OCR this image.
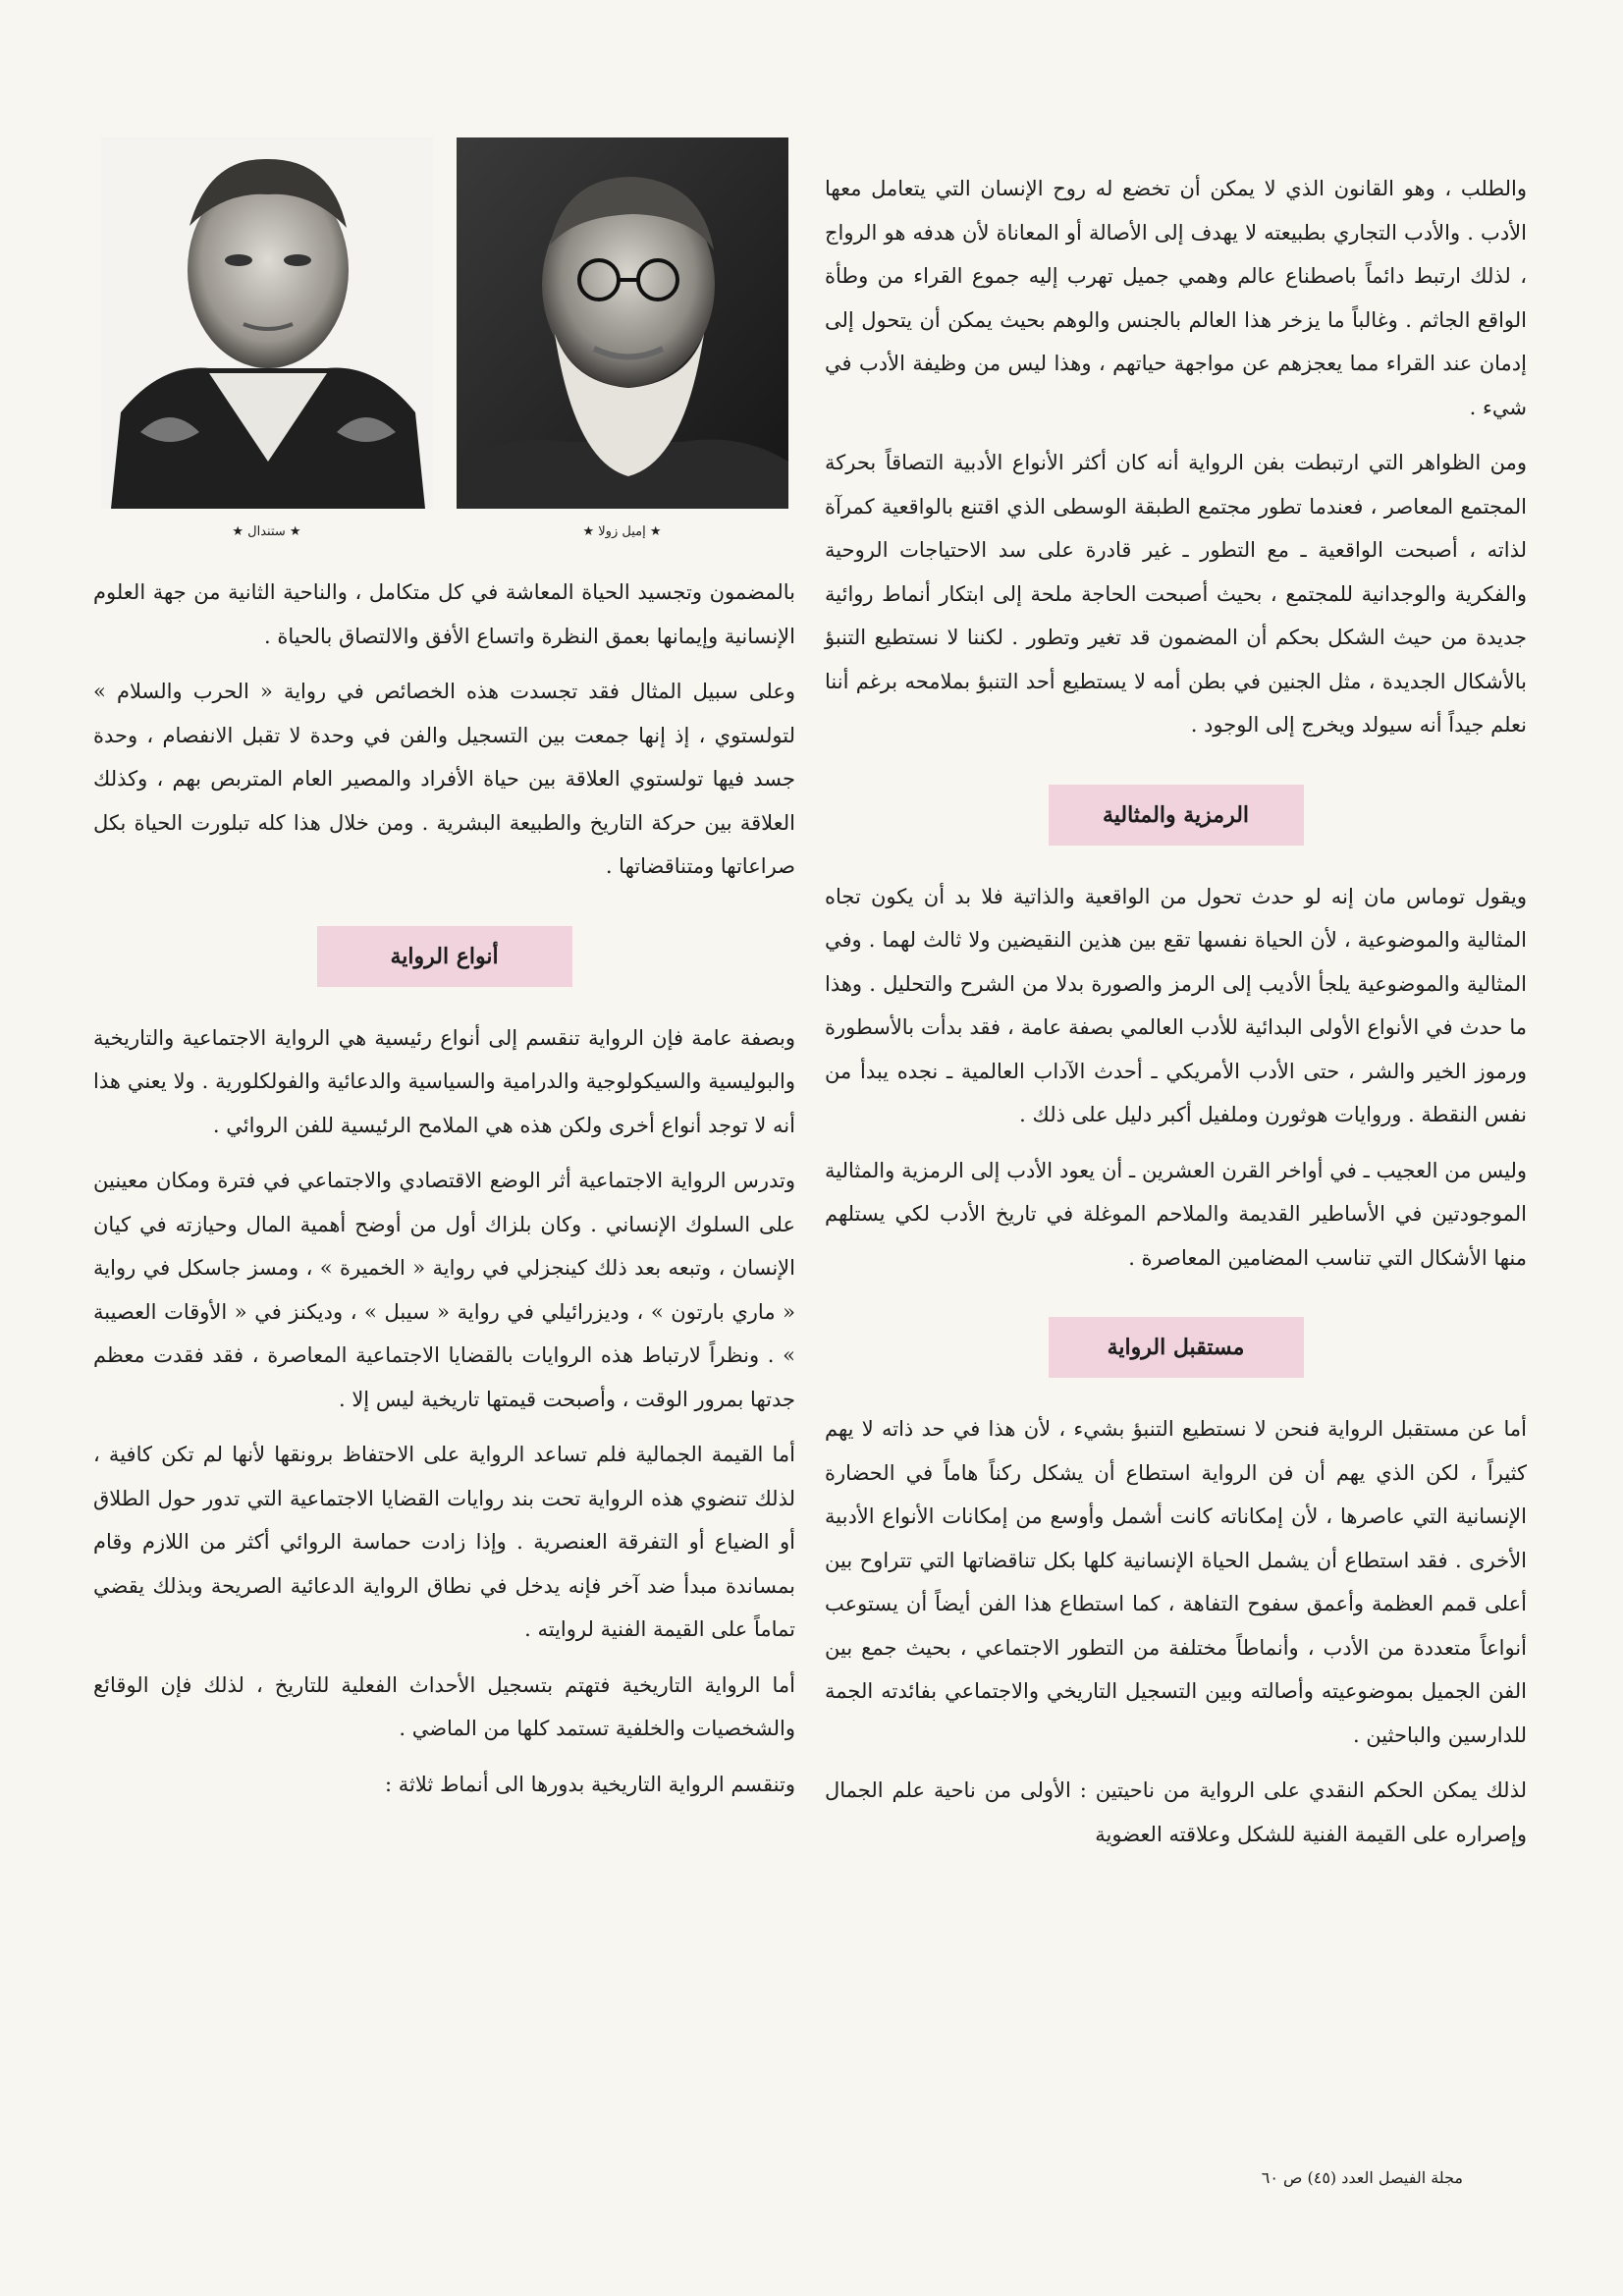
والطلب ، وهو القانون الذي لا يمكن أن تخضع له روح الإنسان التي يتعامل معها الأدب . والأدب التجاري بطبيعته لا يهدف إلى الأصالة أو المعاناة لأن هدفه هو الرواج ، لذلك ارتبط دائماً باصطناع عالم وهمي جميل تهرب إليه جموع القراء من وطأة الواقع الجاثم . وغالباً ما يزخر هذا العالم بالجنس والوهم بحيث يمكن أن يتحول إلى إدمان عند القراء مما يعجزهم عن مواجهة حياتهم ، وهذا ليس من وظيفة الأدب في شيء .

ومن الظواهر التي ارتبطت بفن الرواية أنه كان أكثر الأنواع الأدبية التصاقاً بحركة المجتمع المعاصر ، فعندما تطور مجتمع الطبقة الوسطى الذي اقتنع بالواقعية كمرآة لذاته ، أصبحت الواقعية ـ مع التطور ـ غير قادرة على سد الاحتياجات الروحية والفكرية والوجدانية للمجتمع ، بحيث أصبحت الحاجة ملحة إلى ابتكار أنماط روائية جديدة من حيث الشكل بحكم أن المضمون قد تغير وتطور . لكننا لا نستطيع التنبؤ بالأشكال الجديدة ، مثل الجنين في بطن أمه لا يستطيع أحد التنبؤ بملامحه برغم أننا نعلم جيداً أنه سيولد ويخرج إلى الوجود .

الرمزية والمثالية

ويقول توماس مان إنه لو حدث تحول من الواقعية والذاتية فلا بد أن يكون تجاه المثالية والموضوعية ، لأن الحياة نفسها تقع بين هذين النقيضين ولا ثالث لهما . وفي المثالية والموضوعية يلجأ الأديب إلى الرمز والصورة بدلا من الشرح والتحليل . وهذا ما حدث في الأنواع الأولى البدائية للأدب العالمي بصفة عامة ، فقد بدأت بالأسطورة ورموز الخير والشر ، حتى الأدب الأمريكي ـ أحدث الآداب العالمية ـ نجده يبدأ من نفس النقطة . وروايات هوثورن وملفيل أكبر دليل على ذلك .

وليس من العجيب ـ في أواخر القرن العشرين ـ أن يعود الأدب إلى الرمزية والمثالية الموجودتين في الأساطير القديمة والملاحم الموغلة في تاريخ الأدب لكي يستلهم منها الأشكال التي تناسب المضامين المعاصرة .

مستقبل الرواية

أما عن مستقبل الرواية فنحن لا نستطيع التنبؤ بشيء ، لأن هذا في حد ذاته لا يهم كثيراً ، لكن الذي يهم أن فن الرواية استطاع أن يشكل ركناً هاماً في الحضارة الإنسانية التي عاصرها ، لأن إمكاناته كانت أشمل وأوسع من إمكانات الأنواع الأدبية الأخرى . فقد استطاع أن يشمل الحياة الإنسانية كلها بكل تناقضاتها التي تتراوح بين أعلى قمم العظمة وأعمق سفوح التفاهة ، كما استطاع هذا الفن أيضاً أن يستوعب أنواعاً متعددة من الأدب ، وأنماطاً مختلفة من التطور الاجتماعي ، بحيث جمع بين الفن الجميل بموضوعيته وأصالته وبين التسجيل التاريخي والاجتماعي بفائدته الجمة للدارسين والباحثين .

لذلك يمكن الحكم النقدي على الرواية من ناحيتين : الأولى من ناحية علم الجمال وإصراره على القيمة الفنية للشكل وعلاقته العضوية

★ إميل زولا ★
★ ستندال ★

بالمضمون وتجسيد الحياة المعاشة في كل متكامل ، والناحية الثانية من جهة العلوم الإنسانية وإيمانها بعمق النظرة واتساع الأفق والالتصاق بالحياة .

وعلى سبيل المثال فقد تجسدت هذه الخصائص في رواية « الحرب والسلام » لتولستوي ، إذ إنها جمعت بين التسجيل والفن في وحدة لا تقبل الانفصام ، وحدة جسد فيها تولستوي العلاقة بين حياة الأفراد والمصير العام المتربص بهم ، وكذلك العلاقة بين حركة التاريخ والطبيعة البشرية . ومن خلال هذا كله تبلورت الحياة بكل صراعاتها ومتناقضاتها .

أنواع الرواية

وبصفة عامة فإن الرواية تنقسم إلى أنواع رئيسية هي الرواية الاجتماعية والتاريخية والبوليسية والسيكولوجية والدرامية والسياسية والدعائية والفولكلورية . ولا يعني هذا أنه لا توجد أنواع أخرى ولكن هذه هي الملامح الرئيسية للفن الروائي .

وتدرس الرواية الاجتماعية أثر الوضع الاقتصادي والاجتماعي في فترة ومكان معينين على السلوك الإنساني . وكان بلزاك أول من أوضح أهمية المال وحيازته في كيان الإنسان ، وتبعه بعد ذلك كينجزلي في رواية « الخميرة » ، ومسز جاسكل في رواية « ماري بارتون » ، وديزرائيلي في رواية « سيبل » ، وديكنز في « الأوقات العصيبة » . ونظراً لارتباط هذه الروايات بالقضايا الاجتماعية المعاصرة ، فقد فقدت معظم جدتها بمرور الوقت ، وأصبحت قيمتها تاريخية ليس إلا .

أما القيمة الجمالية فلم تساعد الرواية على الاحتفاظ برونقها لأنها لم تكن كافية ، لذلك تنضوي هذه الرواية تحت بند روايات القضايا الاجتماعية التي تدور حول الطلاق أو الضياع أو التفرقة العنصرية . وإذا زادت حماسة الروائي أكثر من اللازم وقام بمساندة مبدأ ضد آخر فإنه يدخل في نطاق الرواية الدعائية الصريحة وبذلك يقضي تماماً على القيمة الفنية لروايته .

أما الرواية التاريخية فتهتم بتسجيل الأحداث الفعلية للتاريخ ، لذلك فإن الوقائع والشخصيات والخلفية تستمد كلها من الماضي .

وتنقسم الرواية التاريخية بدورها الى أنماط ثلاثة :

مجلة الفيصل العدد (٤٥) ص ٦٠
